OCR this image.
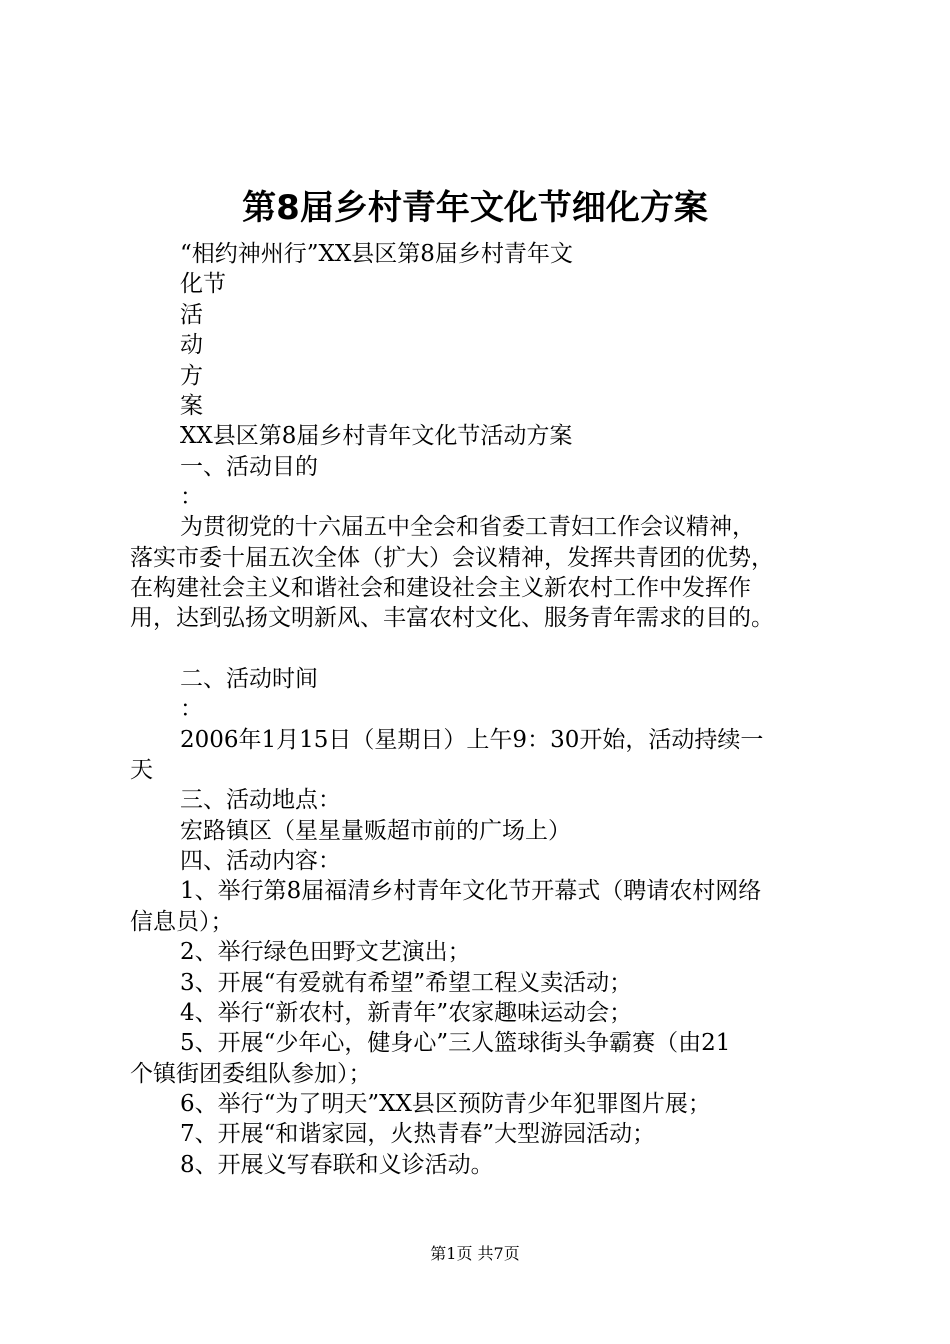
第8届乡村青年文化节细化方案

“相约神州行”XX县区第8届乡村青年文

化节

活

动

方

案

XX县区第8届乡村青年文化节活动方案

一、活动目的

：

为贯彻党的十六届五中全会和省委工青妇工作会议精神，

落实市委十届五次全体（扩大）会议精神，发挥共青团的优势，

在构建社会主义和谐社会和建设社会主义新农村工作中发挥作

用，达到弘扬文明新风、丰富农村文化、服务青年需求的目的。

二、活动时间

：

2006年1月15日（星期日）上午9：30开始，活动持续一

天

三、活动地点：

宏路镇区（星星量贩超市前的广场上）

四、活动内容：

1、举行第8届福清乡村青年文化节开幕式（聘请农村网络

信息员）；

2、举行绿色田野文艺演出；

3、开展“有爱就有希望”希望工程义卖活动；

4、举行“新农村，新青年”农家趣味运动会；

5、开展“少年心，健身心”三人篮球街头争霸赛（由21

个镇街团委组队参加）；

6、举行“为了明天”XX县区预防青少年犯罪图片展；

7、开展“和谐家园，火热青春”大型游园活动；

8、开展义写春联和义诊活动。

第1页 共7页
